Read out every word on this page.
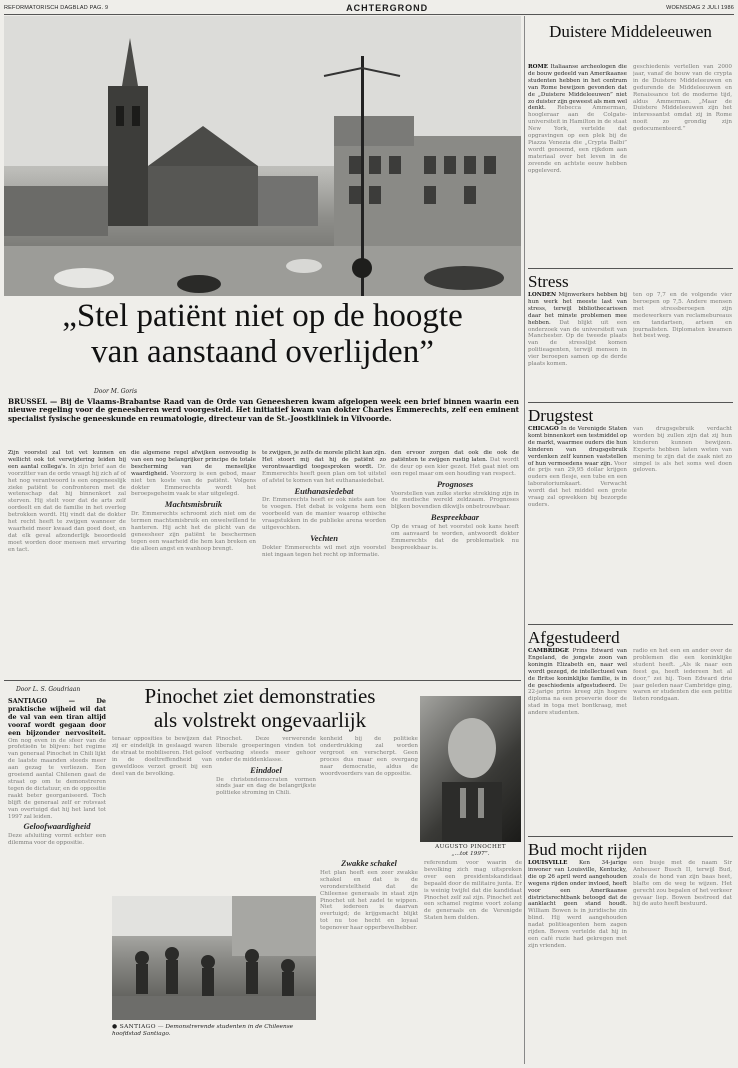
REFORMATORISCH DAGBLAD PAG. 9	ACHTERGROND	WOENSDAG 2 JULI 1986
„Stel patiënt niet op de hoogte
van aanstaand overlijden”
Door M. Goris
BRUSSEL — Bij de Vlaams-Brabantse Raad van de Orde van Geneesheren kwam afgelopen week een brief binnen waarin een nieuwe regeling voor de geneesheren werd voorgesteld. Het initiatief kwam van dokter Charles Emmerechts, zelf een eminent specialist fysische geneeskunde en reumatologie, directeur van de St.-Joostkliniek in Vilvoorde.
Zijn voorstel zal tot vet kunnen en wellicht ook tot verwijdering leiden bij een aantal collega's. In zijn brief aan de voorzitter van de orde vraagt hij zich af of het nog verantwoord is een ongeneeslijk zieke patiënt te confronteren met de wetenschap dat hij binnenkort zal sterven. Hij stelt voor dat de arts zelf oordeelt en dat de familie in het overleg betrokken wordt. Hij vindt dat de dokter het recht heeft te zwijgen wanneer de waarheid meer kwaad dan goed doet, en dat elk geval afzonderlijk beoordeeld moet worden door mensen met ervaring en tact.
die algemene regel afwijken eenvoudig is van een nog belangrijker principe de totale bescherming van de menselijke waardigheid. Voorzorg is een gebod, maar niet ten koste van de patiënt. Volgens dokter Emmerechts wordt het beroepsgeheim vaak te star uitgelegd.
Machtsmisbruik
Dr. Emmerechts schroomt zich niet om de termen machtsmisbruik en onwelwillend te hanteren. Hij acht het de plicht van de geneesheer zijn patiënt te beschermen tegen een waarheid die hem kan breken en die alleen angst en wanhoop brengt.
te zwijgen, je zelfs de morele plicht kan zijn. Het stoort mij dat hij de patiënt zo verontwaardigd toegesproken wordt. Dr. Emmerechts heeft geen plan om tot uitstel of afstel te komen van het euthanasiedebat.
Euthanasiedebat
Dr. Emmerechts heeft er ook niets aan toe te voegen. Het debat is volgens hem een voorbeeld van de manier waarop ethische vraagstukken in de publieke arena worden uitgevochten.
Vechten
Dokter Emmerechts wil met zijn voorstel niet ingaan tegen het recht op informatie.
den ervoor zorgen dat ook die ook de patiënten te zwijgen rustig laten. Dat wordt de deur op een kier gezet. Het gaat niet om een regel maar om een houding van respect.
Prognoses
Voorstellen van zulke sterke strekking zijn in de medische wereld zeldzaam. Prognoses blijken bovendien dikwijls onbetrouwbaar.
Bespreekbaar
Op de vraag of het voorstel ook kans heeft om aanvaard te worden, antwoordt dokter Emmerechts dat de problematiek nu bespreekbaar is.
Door L. S. Goudriaan	Pinochet ziet demonstraties
als volstrekt ongevaarlijk
SANTIAGO — De praktische wijheid wil dat de val van een tiran altijd vooraf wordt gegaan door een bijzonder nervositeit. Om nog even in de sfeer van de profetieën te blijven: het regime van generaal Pinochet in Chili lijkt de laatste maanden steeds meer aan gezag te verliezen. Een groeiend aantal Chilenen gaat de straat op om te demonstreren tegen de dictatuur, en de oppositie raakt beter georganiseerd. Toch blijft de generaal zelf er rotsvast van overtuigd dat hij het land tot 1997 zal leiden.
Geloofwaardigheid
Deze afsluiting vormt echter een dilemma voor de oppositie.
tenaar opposities te bewijzen dat zij er eindelijk in geslaagd waren de straat te mobiliseren. Het geloof in de doeltreffendheid van geweldloos verzet groeit bij een deel van de bevolking.
Pinochet. Deze verwerende liberale groeperingen vinden tot verbazing steeds meer gehoor onder de middenklasse.
Einddoel
De christendemocraten vormen sinds jaar en dag de belangrijkste politieke stroming in Chili.
kenheid bij de politieke onderdrukking zal worden vergroot en verscherpt. Geen proces dus maar een overgang naar democratie, aldus de woordvoerders van de oppositie.
AUGUSTO PINOCHET
„...tot 1997”.
Zwakke schakel
Het plan heeft een zeer zwakke schakel en dat is de verondersteltheid dat de Chileense generaals in staat zijn Pinochet uit het zadel te wippen. Niet iedereen is daarvan overtuigd; de krijgsmacht blijkt tot nu toe hecht en loyaal tegenover haar opperbevelhebber.
referendum voor waarin de bevolking zich mag uitspreken over een presidentskandidaat bepaald door de militaire junta. Er is weinig twijfel dat die kandidaat Pinochet zelf zal zijn. Pinochet zet een schamel regime voort zolang de generaals en de Verenigde Staten hem dulden.
● SANTIAGO — Demonstrerende studenten in de Chileense hoofdstad Santiago.
Duistere Middeleeuwen
ROME Italiaanse archeologen die de bouw gedeeld van Amerikaanse studenten hebben in het centrum van Rome bewijzen gevonden dat de „Duistere Middeleeuwen” niet zo duister zijn geweest als men wel denkt. Rebecca Ammerman, hoogleraar aan de Colgate-universiteit in Hamilton in de staat New York, vertelde dat opgravingen op een plek bij de Piazza Venezia die „Crypta Balbi” wordt genoemd, een rijkdom aan materiaal over het leven in de zevende en achtste eeuw hebben opgeleverd.
geschiedenis vertellen van 2000 jaar, vanaf de bouw van de crypta in de Duistere Middeleeuwen en gedurende de Middeleeuwen en Renaissance tot de moderne tijd, aldus Ammerman. „Maar de Duistere Middeleeuwen zijn het interessantst omdat zij in Rome nooit zo grondig zijn gedocumenteerd.”
Stress
LONDEN Mijnwerkers hebben bij hun werk het meeste last van stress, terwijl bibliothecarissen daar het minste problemen mee hebben. Dat blijkt uit een onderzoek van de universiteit van Manchester. Op de tweede plaats van de stresslijst komen politieagenten, terwijl mensen in vier beroepen samen op de derde plaats komen.
ten op 7,7 en de volgende vier beroepen op 7,5. Andere mensen met stressberoepen zijn medewerkers van reclamebureaus en tandartsen, artsen en journalisten. Diplomaten kwamen het best weg.
Drugstest
CHICAGO In de Verenigde Staten komt binnenkort een testmiddel op de markt, waarmee ouders die hun kinderen van drugsgebruik verdenken zelf kunnen vaststellen of hun vermoedens waar zijn. Voor de prijs van 29,95 dollar krijgen ouders een flesje, een tube en een laboratoriumkaart. Verwacht wordt dat het middel een grote vraag zal opwekken bij bezorgde ouders.
van drugsgebruik verdacht worden bij zullen zijn dat zij hun kinderen kunnen bewijzen. Experts hebben laten weten van mening te zijn dat de zaak niet zo simpel is als het soms wel doen geloven.
Afgestudeerd
CAMBRIDGE Prins Edward van Engeland, de jongste zoon van koningin Elizabeth en, naar wel wordt gezegd, de intellectueel van de Britse koninklijke familie, is in de geschiedenis afgestudeerd. De 22-jarige prins kreeg zijn hogere diploma na een proeverie door de stad in toga met bontkraag, met andere studenten.
radio en het een en ander over de problemen die een koninklijke student heeft. „Als ik naar een feest ga, heeft iedereen het al door,” zei hij. Toen Edward drie jaar geleden naar Cambridge ging, waren er studenten die een petitie lieten rondgaan.
Bud mocht rijden
LOUISVILLE Ken 34-jarige inwoner van Louisville, Kentucky, die op 26 april werd aangehouden wegens rijden onder invloed, heeft voor een Amerikaanse districtsrechtbank betoogd dat de aanklacht geen stand houdt. William Bowen is in juridische zin blind. Hij werd aangehouden nadat politieagenten hem zagen rijden. Bowen vertelde dat hij in een café ruzie had gekregen met zijn vrienden.
een busje met de naam Sir Anheuser Busch II, terwijl Bud, zoals de hond van zijn baas heet, blafte om de weg te wijzen. Het gerecht zou bepalen of het verkeer gevaar liep. Bowen bestreed dat hij de auto heeft bestuurd.
